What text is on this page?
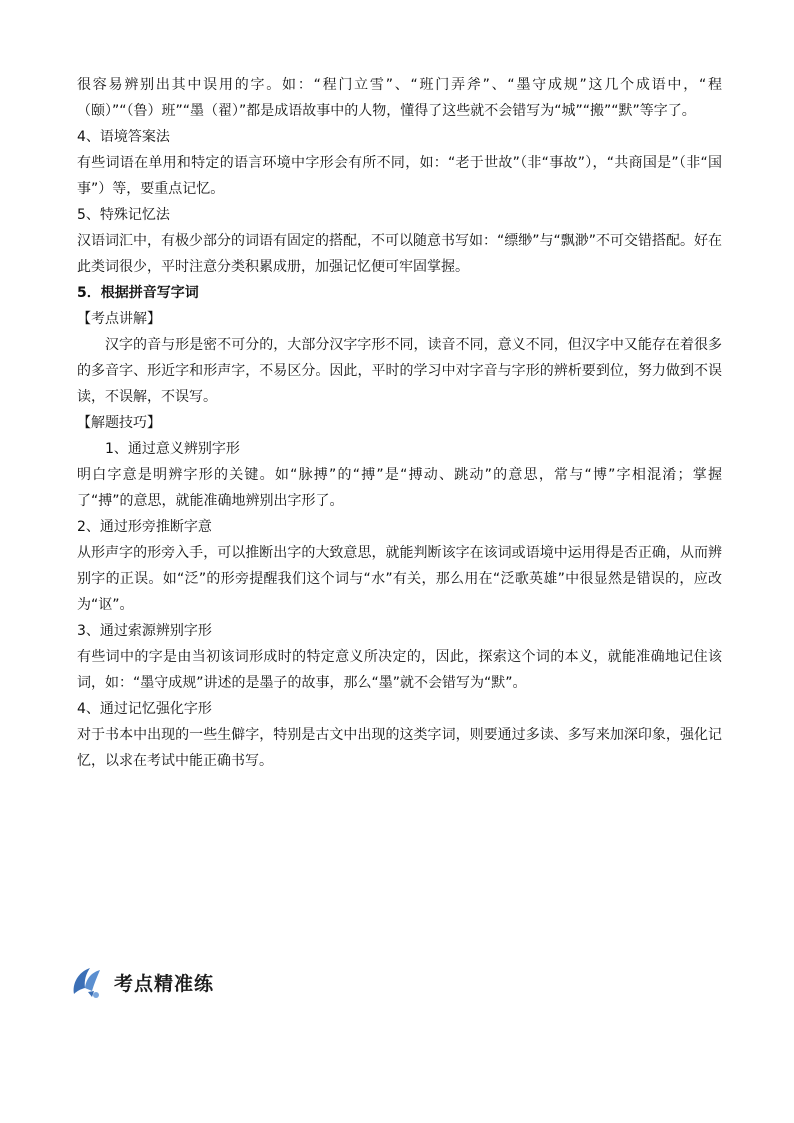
很容易辨别出其中误用的字。如：“程门立雪”、“班门弄斧”、“墨守成规”这几个成语中，“程（颐）”“（鲁）班”“墨（翟）”都是成语故事中的人物，懂得了这些就不会错写为“城”“搬”“默”等字了。

4、语境答案法

有些词语在单用和特定的语言环境中字形会有所不同，如：“老于世故”（非“事故”），“共商国是”（非“国事”）等，要重点记忆。

5、特殊记忆法

汉语词汇中，有极少部分的词语有固定的搭配，不可以随意书写如：“缥缈”与“飘渺”不可交错搭配。好在此类词很少，平时注意分类积累成册，加强记忆便可牢固掌握。

5．根据拼音写字词

【考点讲解】

汉字的音与形是密不可分的，大部分汉字字形不同，读音不同，意义不同，但汉字中又能存在着很多的多音字、形近字和形声字，不易区分。因此，平时的学习中对字音与字形的辨析要到位，努力做到不误读，不误解，不误写。

【解题技巧】

1、通过意义辨别字形

明白字意是明辨字形的关键。如“脉搏”的“搏”是“搏动、跳动”的意思，常与“博”字相混淆；掌握了“搏”的意思，就能准确地辨别出字形了。

2、通过形旁推断字意

从形声字的形旁入手，可以推断出字的大致意思，就能判断该字在该词或语境中运用得是否正确，从而辨别字的正误。如“泛”的形旁提醒我们这个词与“水”有关，那么用在“泛歌英雄”中很显然是错误的，应改为“讴”。

3、通过索源辨别字形

有些词中的字是由当初该词形成时的特定意义所决定的，因此，探索这个词的本义，就能准确地记住该词，如：“墨守成规”讲述的是墨子的故事，那么“墨”就不会错写为“默”。

4、通过记忆强化字形

对于书本中出现的一些生僻字，特别是古文中出现的这类字词，则要通过多读、多写来加深印象，强化记忆，以求在考试中能正确书写。

考点精准练
